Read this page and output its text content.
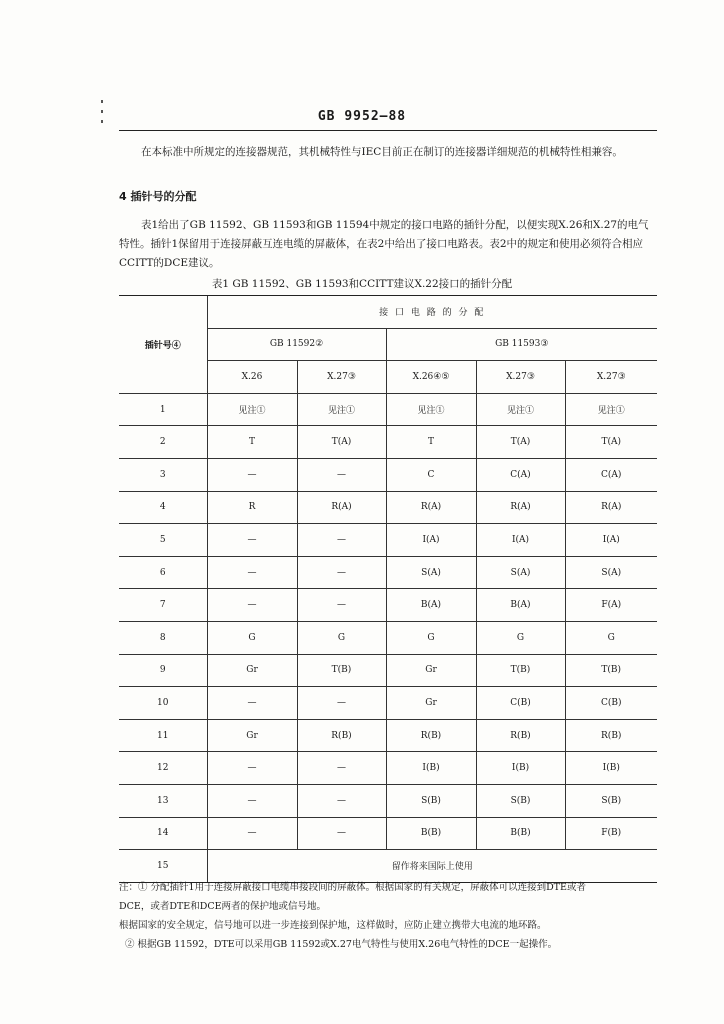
GB 9952—88
在本标准中所规定的连接器规范，其机械特性与IEC目前正在制订的连接器详细规范的机械特性相兼容。
4 插针号的分配
表1给出了GB 11592、GB 11593和GB 11594中规定的接口电路的插针分配，以便实现X.26和X.27的电气特性。插针1保留用于连接屏蔽互连电缆的屏蔽体，在表2中给出了接口电路表。表2中的规定和使用必须符合相应CCITT的DCE建议。
表1 GB 11592、GB 11593和CCITT建议X.22接口的插针分配
插针号④	接 口 电 路 的 分 配				
	GB 11592②		GB 11593③		
	X.26	X.27③	X.26④⑤	X.27③	X.27③
1	见注①	见注①	见注①	见注①	见注①
2	T	T(A)	T	T(A)	T(A)
3	—	—	C	C(A)	C(A)
4	R	R(A)	R(A)	R(A)	R(A)
5	—	—	I(A)	I(A)	I(A)
6	—	—	S(A)	S(A)	S(A)
7	—	—	B(A)	B(A)	F(A)
8	G	G	G	G	G
9	Gr	T(B)	Gr	T(B)	T(B)
10	—	—	Gr	C(B)	C(B)
11	Gr	R(B)	R(B)	R(B)	R(B)
12	—	—	I(B)	I(B)	I(B)
13	—	—	S(B)	S(B)	S(B)
14	—	—	B(B)	B(B)	F(B)
15	留作将来国际上使用				
注：① 分配插针1用于连接屏蔽接口电缆串接段间的屏蔽体。根据国家的有关规定，屏蔽体可以连接到DTE或者
DCE，或者DTE和DCE两者的保护地或信号地。
根据国家的安全规定，信号地可以进一步连接到保护地，这样做时，应防止建立携带大电流的地环路。
② 根据GB 11592，DTE可以采用GB 11592或X.27电气特性与使用X.26电气特性的DCE一起操作。
